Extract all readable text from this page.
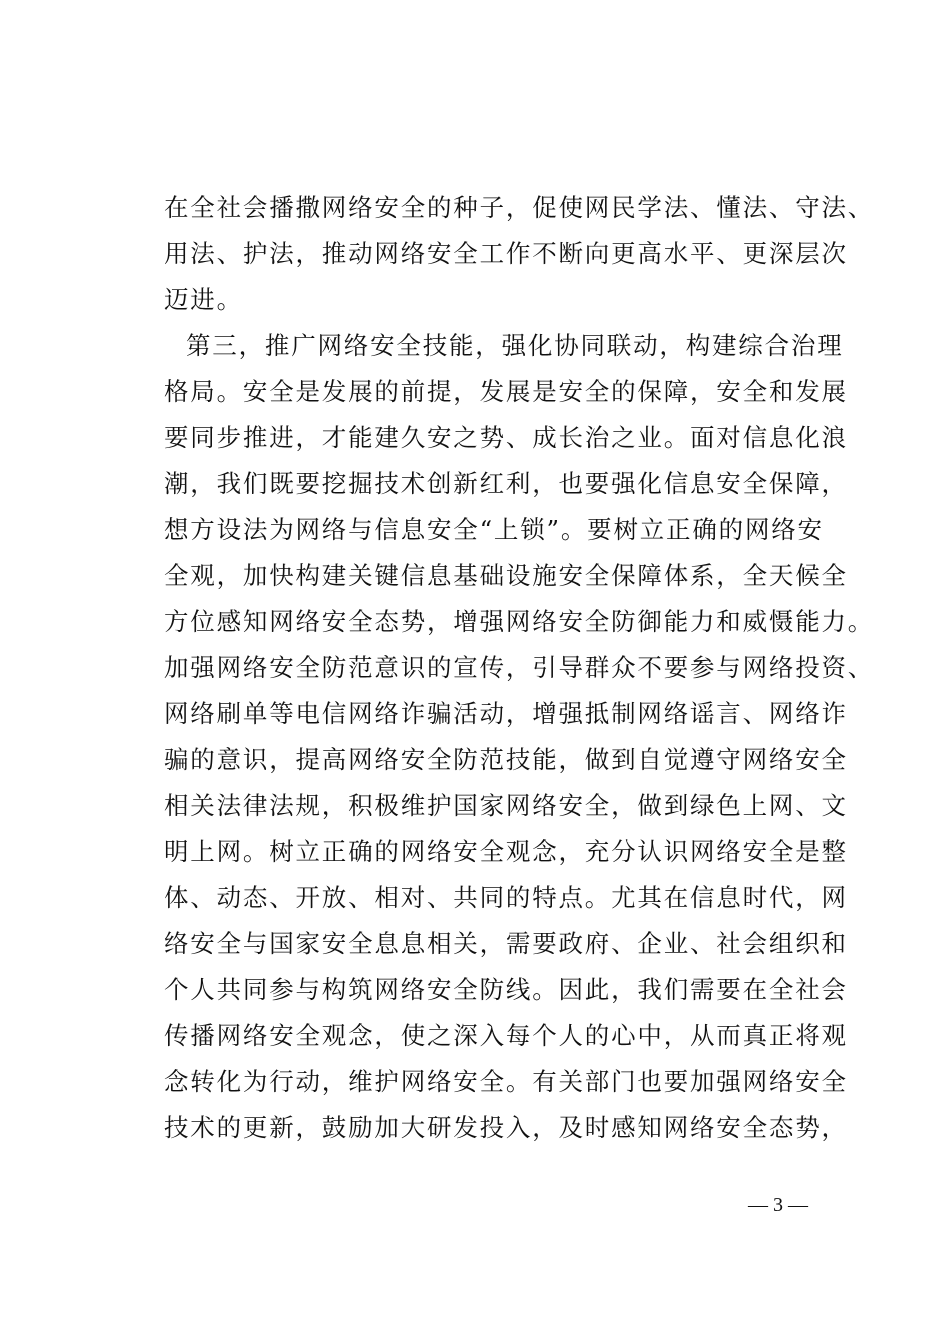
在全社会播撒网络安全的种子，促使网民学法、懂法、守法、
用法、护法，推动网络安全工作不断向更高水平、更深层次
迈进。
第三，推广网络安全技能，强化协同联动，构建综合治理
格局。安全是发展的前提，发展是安全的保障，安全和发展
要同步推进，才能建久安之势、成长治之业。面对信息化浪
潮，我们既要挖掘技术创新红利，也要强化信息安全保障，
想方设法为网络与信息安全“上锁”。要树立正确的网络安
全观，加快构建关键信息基础设施安全保障体系，全天候全
方位感知网络安全态势，增强网络安全防御能力和威慑能力。
加强网络安全防范意识的宣传，引导群众不要参与网络投资、
网络刷单等电信网络诈骗活动，增强抵制网络谣言、网络诈
骗的意识，提高网络安全防范技能，做到自觉遵守网络安全
相关法律法规，积极维护国家网络安全，做到绿色上网、文
明上网。树立正确的网络安全观念，充分认识网络安全是整
体、动态、开放、相对、共同的特点。尤其在信息时代，网
络安全与国家安全息息相关，需要政府、企业、社会组织和
个人共同参与构筑网络安全防线。因此，我们需要在全社会
传播网络安全观念，使之深入每个人的心中，从而真正将观
念转化为行动，维护网络安全。有关部门也要加强网络安全
技术的更新，鼓励加大研发投入，及时感知网络安全态势，
— 3 —
